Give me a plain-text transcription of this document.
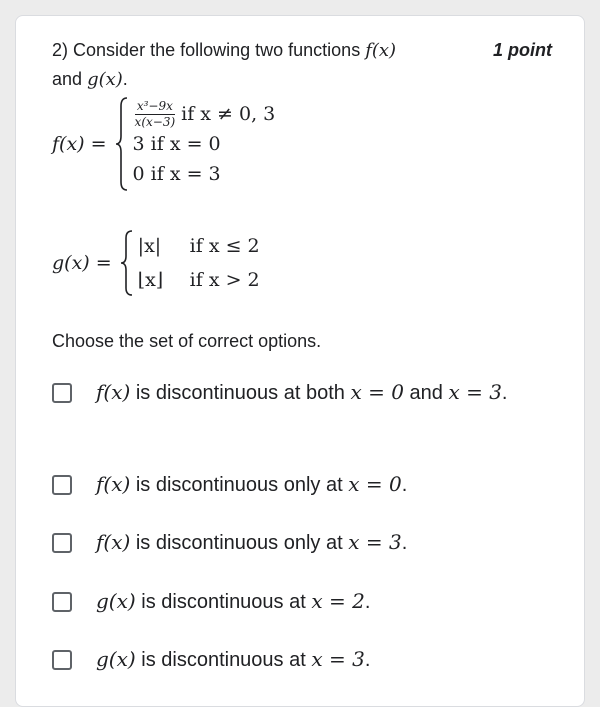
2) Consider the following two functions f(x)
and g(x).
1 point
f(x) =
$\frac{\text{x³−9x}}{x(x-3)}$ if x ≠ 0, 3
3 if x = 0
0 if x = 3
g(x) =
|x|	if x ≤ 2
⌊x⌋	if x > 2
Choose the set of correct options.
f(x) is discontinuous at both x = 0 and x = 3.
f(x) is discontinuous only at x = 0.
f(x) is discontinuous only at x = 3.
g(x) is discontinuous at x = 2.
g(x) is discontinuous at x = 3.
